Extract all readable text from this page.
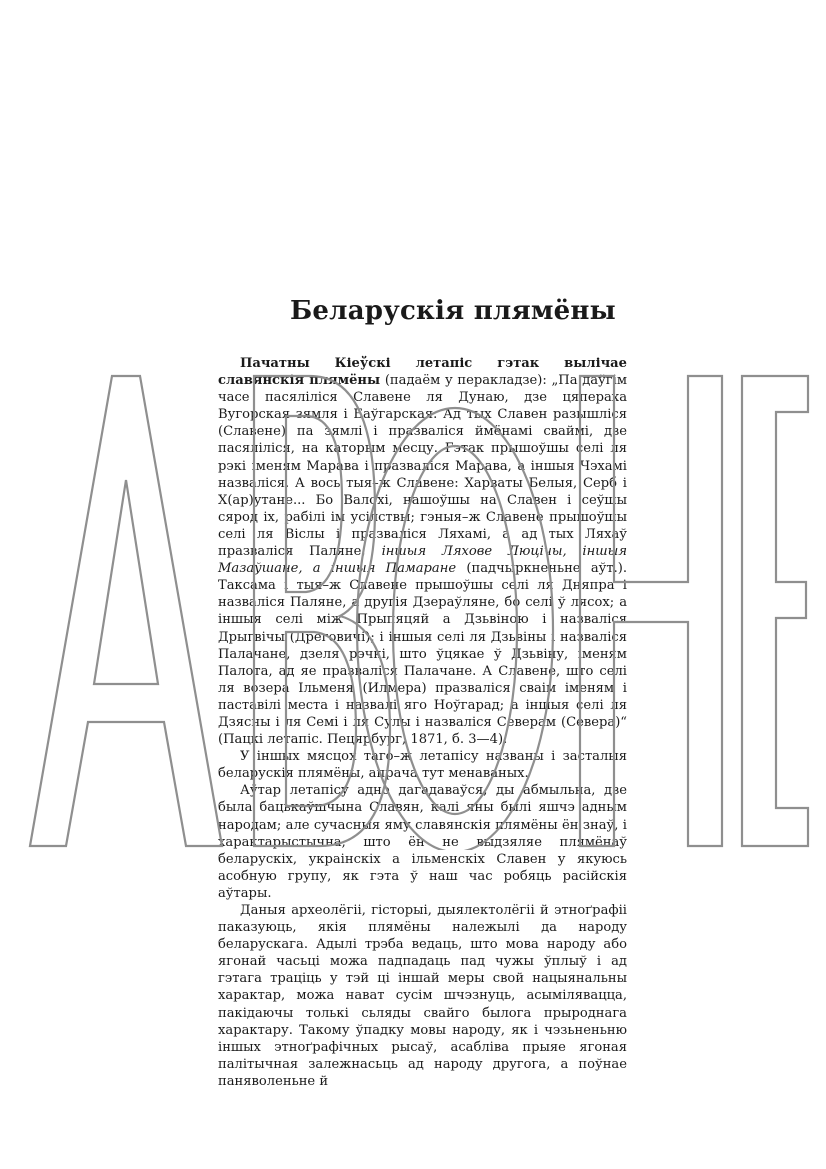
Беларускія плямёны

Пачатны Кіеўскі летапіс гэтак вылічае славянскія плямёны (падаём у перакладзе): „Па даўгім часе пасяліліся Славене ля Дунаю, дзе цяпераха Вугорская зямля і Баўгарская. Ад тых Славен разышліся (Славене) па зямлі і празваліся ймёнамі свaймі, дзе пасяліліся, на каторым месцу. Гэтак прышоўшы селі ля рэкі іменям Марава і празваліся Марава, а іншыя Чэхамі назваліся. А вось тыя–ж Славене: Харваты Белыя, Серб і Х(ар)утане... Бо Валохі, нашоўшы на Славен і сеўшы сярод іх, рабілі ім усілствы; гэныя–ж Славене прышоўшы селі ля Віслы і празваліся Ляхамі, а ад тых Ляхаў празваліся Паляне; іншыя Ляхове Люцічы, іншыя Мазаўшане, а іншыя Памаране (падчыркненьне аўт.). Таксама і тыя–ж Славене прышоўшы селі ля Дняпра і назваліся Паляне, а другія Дзераўляне, бо селі ў лясох; а іншыя селі між Прыпяцяй а Дзьвіною і назваліся Дрыгвічы (Дреговичі); і іншыя селі ля Дзьвіны і назваліся Палачане, дзеля рэчкі, што ўцякае ў Дзьвіну, іменям Палота, ад яе празваліся Палачане. А Славене, што селі ля возера Ільменя (Илмера) празваліся сваім іменям і паставілі места і назвалі яго Ноўгарад; а іншыя селі ля Дзясны і ля Семі і ля Сулы і назваліся Северам (Севера)“ (Пацкі летапіс. Пецярбург, 1871, б. 3—4).

У іншых мясцох таго–ж летапісу названы і засталыя беларускія плямёны, апрача тут менаваных.

Аўтар летапісу адно дагадаваўся, ды абмыльна, дзе была бацькаўшчына Славян, калі яны былі яшчэ адным народам; але сучасныя яму славянскія плямёны ён знаў, і характарыстычна, што ён не выдзяляе плямёнаў беларускіх, украінскіх а ільменскіх Славен у якуюсь асобную групу, як гэта ў наш час робяць расійскія аўтары.

Даныя археолёгіі, гісторыі, дыялектолёгіі й этноґрафіі паказуюць, якія плямёны належылі да народу беларускага. Адылі трэба ведаць, што мова народу або ягонай часьці можа падпадаць пад чужы ўплыў і ад гэтага траціць у тэй ці іншай меры свой нацыянальны характар, можа нават сусім шчэзнуць, асымілявацца, пакідаючы толькі сьляды свайго былога прыроднага характару. Такому ўпадку мовы народу, як і чэзьненьню іншых этноґрафічных рысаў, асабліва прыяе ягоная палітычная залежнасьць ад народу другога, а поўнае паняволеньне й
